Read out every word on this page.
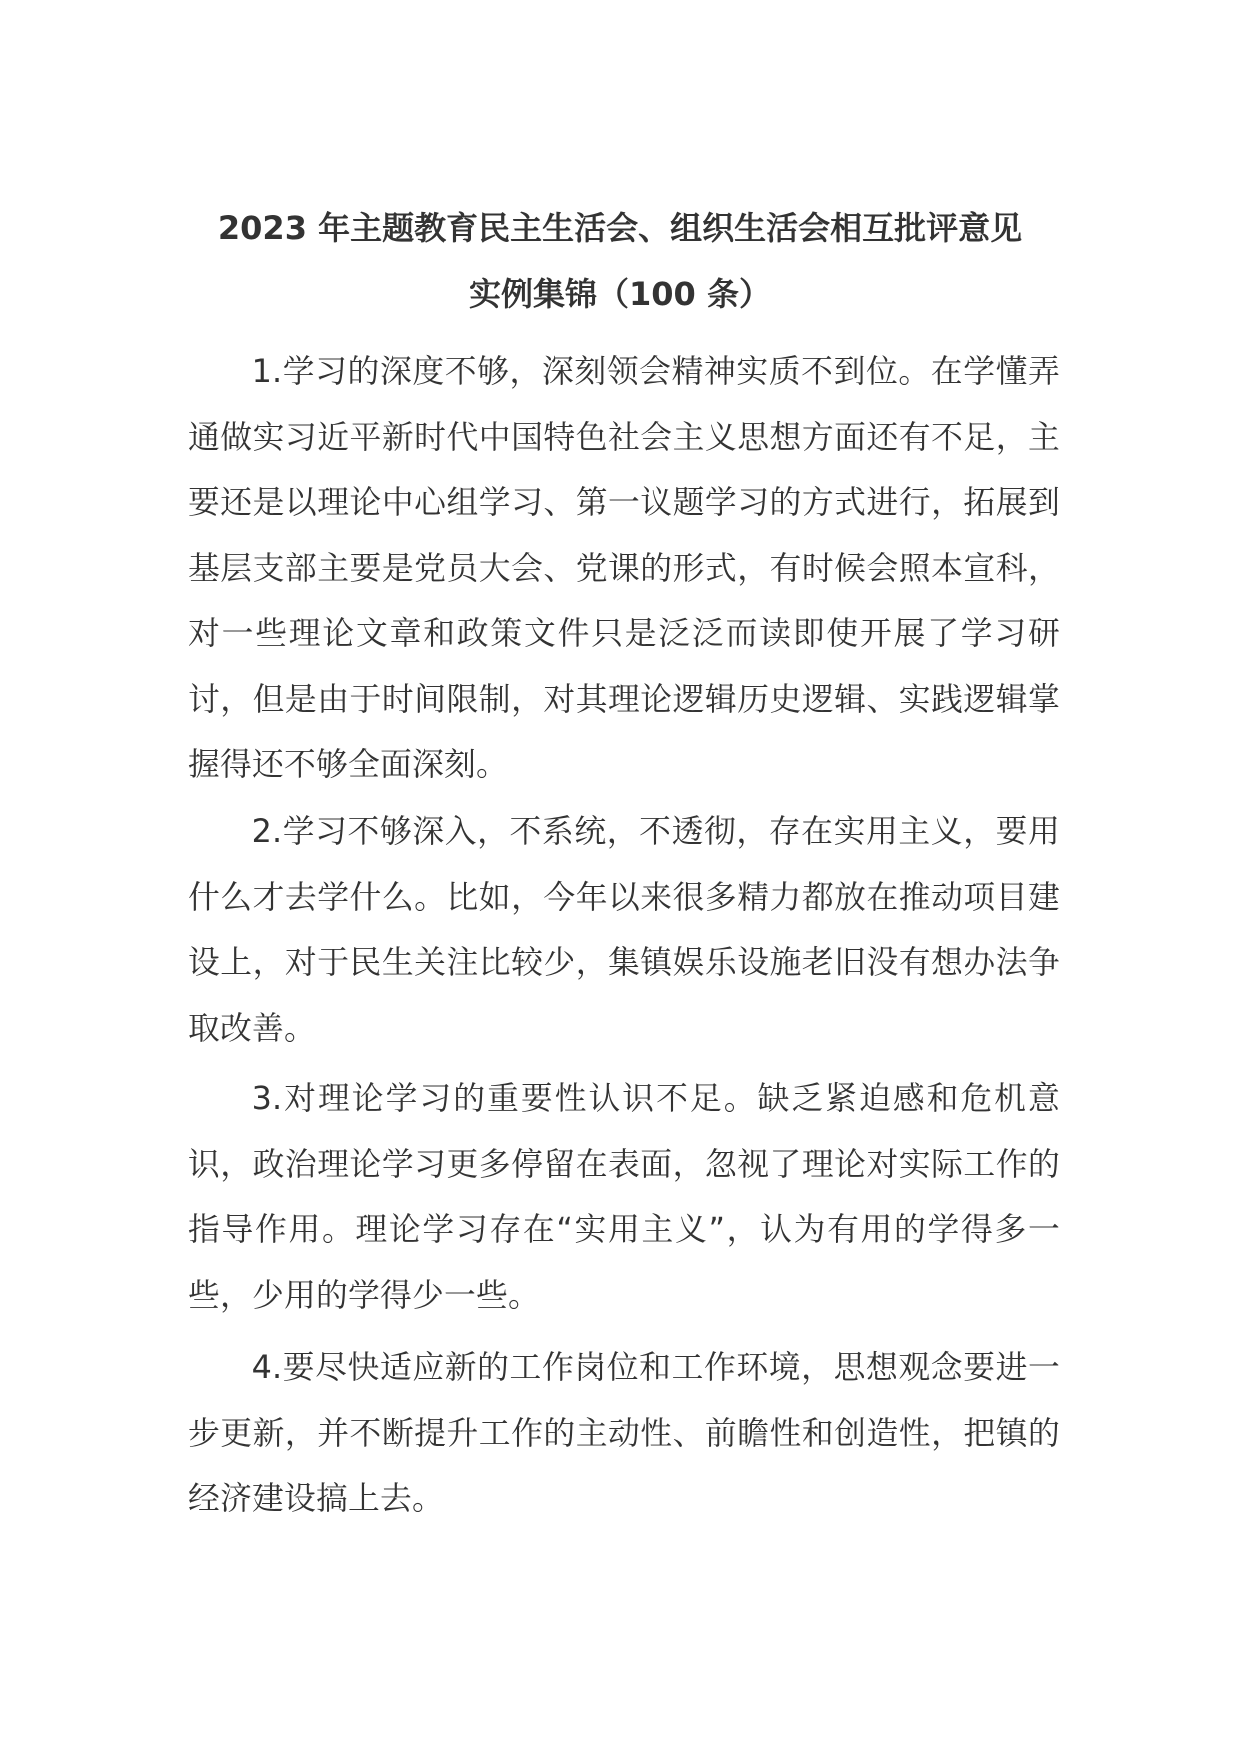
2023 年主题教育民主生活会、组织生活会相互批评意见
实例集锦（100 条）

1.学习的深度不够，深刻领会精神实质不到位。在学懂弄通做实习近平新时代中国特色社会主义思想方面还有不足，主要还是以理论中心组学习、第一议题学习的方式进行，拓展到基层支部主要是党员大会、党课的形式，有时候会照本宣科，对一些理论文章和政策文件只是泛泛而读即使开展了学习研讨，但是由于时间限制，对其理论逻辑历史逻辑、实践逻辑掌握得还不够全面深刻。

2.学习不够深入，不系统，不透彻，存在实用主义，要用什么才去学什么。比如，今年以来很多精力都放在推动项目建设上，对于民生关注比较少，集镇娱乐设施老旧没有想办法争取改善。

3.对理论学习的重要性认识不足。缺乏紧迫感和危机意识，政治理论学习更多停留在表面，忽视了理论对实际工作的指导作用。理论学习存在“实用主义”，认为有用的学得多一些，少用的学得少一些。

4.要尽快适应新的工作岗位和工作环境，思想观念要进一步更新，并不断提升工作的主动性、前瞻性和创造性，把镇的经济建设搞上去。
